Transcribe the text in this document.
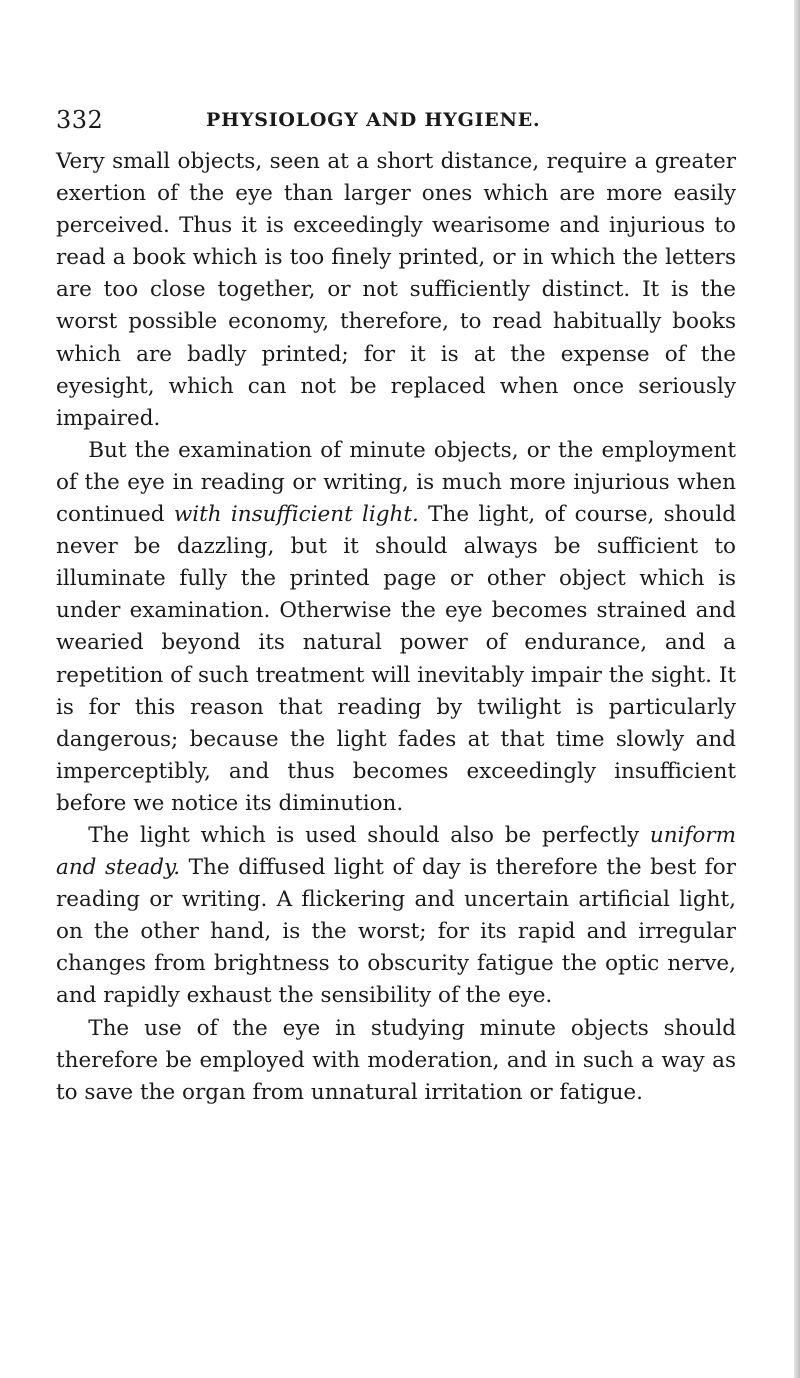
332	PHYSIOLOGY AND HYGIENE.

Very small objects, seen at a short distance, require a greater exertion of the eye than larger ones which are more easily perceived. Thus it is exceedingly wearisome and injurious to read a book which is too finely printed, or in which the letters are too close together, or not sufficiently distinct. It is the worst possible economy, therefore, to read habitually books which are badly printed; for it is at the expense of the eyesight, which can not be replaced when once seriously impaired.

But the examination of minute objects, or the employment of the eye in reading or writing, is much more injurious when continued with insufficient light. The light, of course, should never be dazzling, but it should always be sufficient to illuminate fully the printed page or other object which is under examination. Otherwise the eye becomes strained and wearied beyond its natural power of endurance, and a repetition of such treatment will inevitably impair the sight. It is for this reason that reading by twilight is particularly dangerous; because the light fades at that time slowly and imperceptibly, and thus becomes exceedingly insufficient before we notice its diminution.

The light which is used should also be perfectly uniform and steady. The diffused light of day is therefore the best for reading or writing. A flickering and uncertain artificial light, on the other hand, is the worst; for its rapid and irregular changes from brightness to obscurity fatigue the optic nerve, and rapidly exhaust the sensibility of the eye.

The use of the eye in studying minute objects should therefore be employed with moderation, and in such a way as to save the organ from unnatural irritation or fatigue.
